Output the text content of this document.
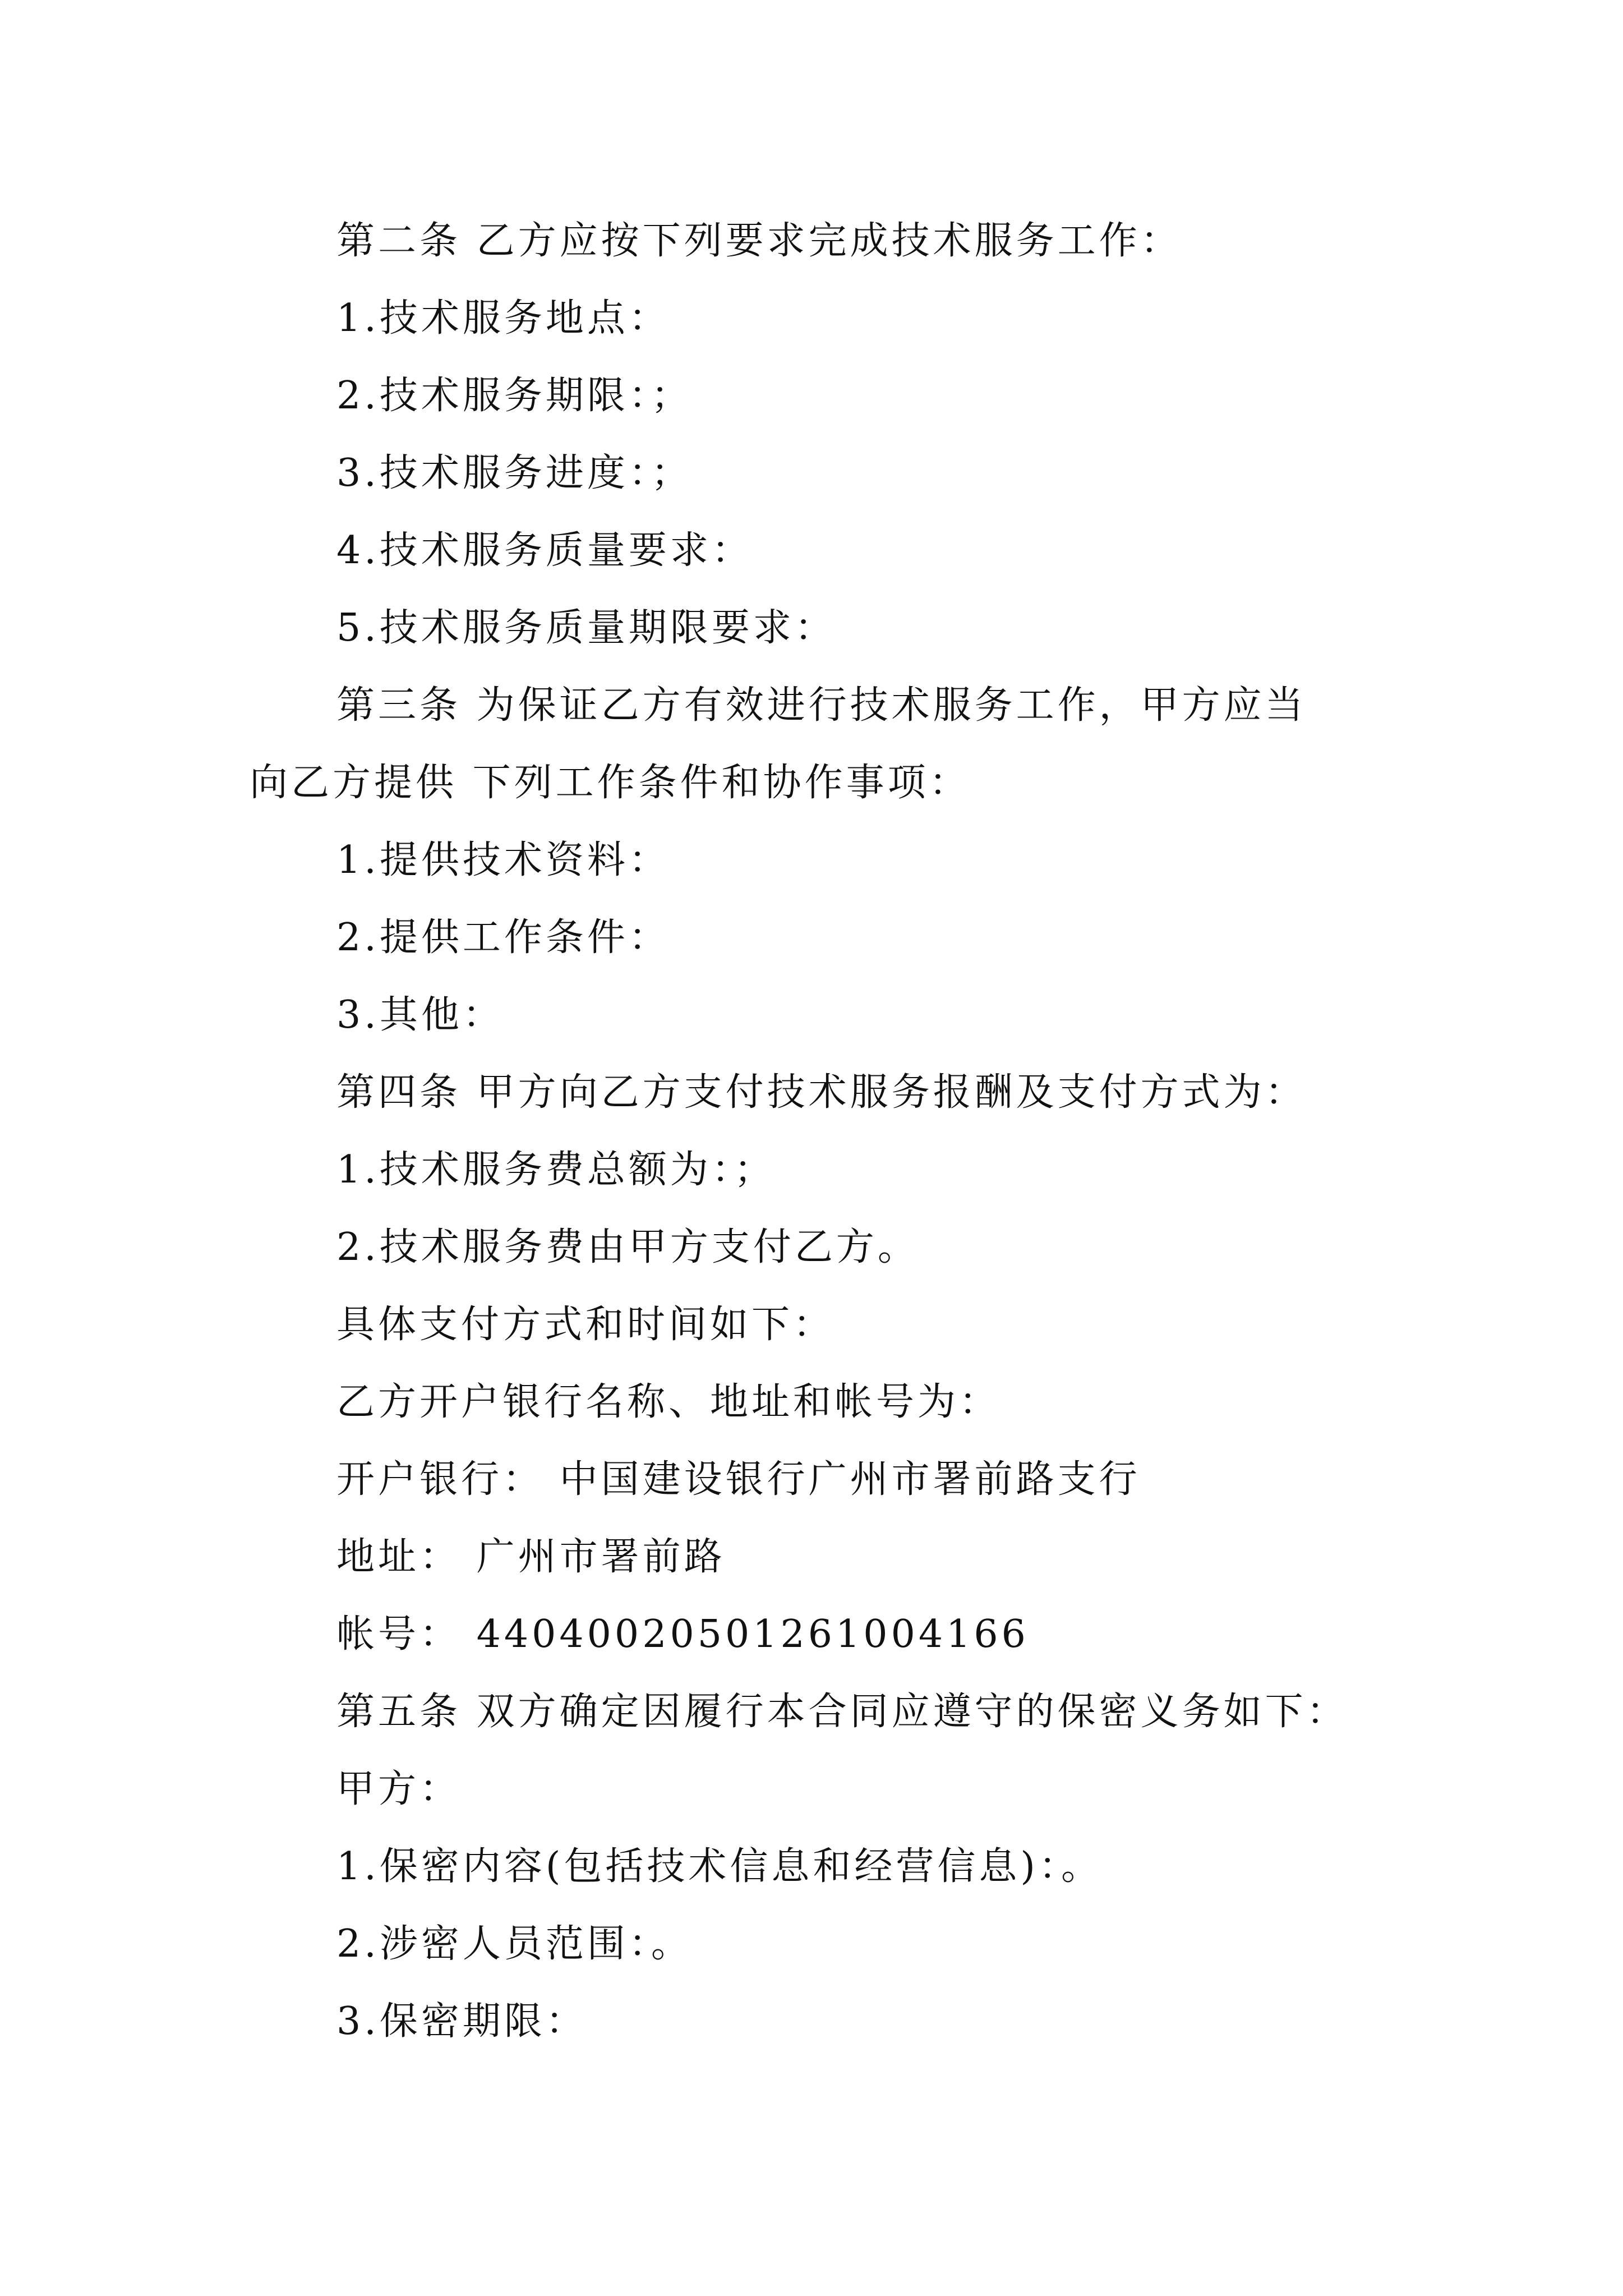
第二条 乙方应按下列要求完成技术服务工作：

1.技术服务地点：

2.技术服务期限：；

3.技术服务进度：；

4.技术服务质量要求：

5.技术服务质量期限要求：

第三条 为保证乙方有效进行技术服务工作，甲方应当

向乙方提供 下列工作条件和协作事项：

1.提供技术资料：

2.提供工作条件：

3.其他：

第四条 甲方向乙方支付技术服务报酬及支付方式为：

1.技术服务费总额为：；

2.技术服务费由甲方支付乙方。

具体支付方式和时间如下：

乙方开户银行名称、地址和帐号为：

开户银行： 中国建设银行广州市署前路支行

地址： 广州市署前路

帐号： 44040020501261004166

第五条 双方确定因履行本合同应遵守的保密义务如下：

甲方：

1.保密内容(包括技术信息和经营信息)：。

2.涉密人员范围：。

3.保密期限：
